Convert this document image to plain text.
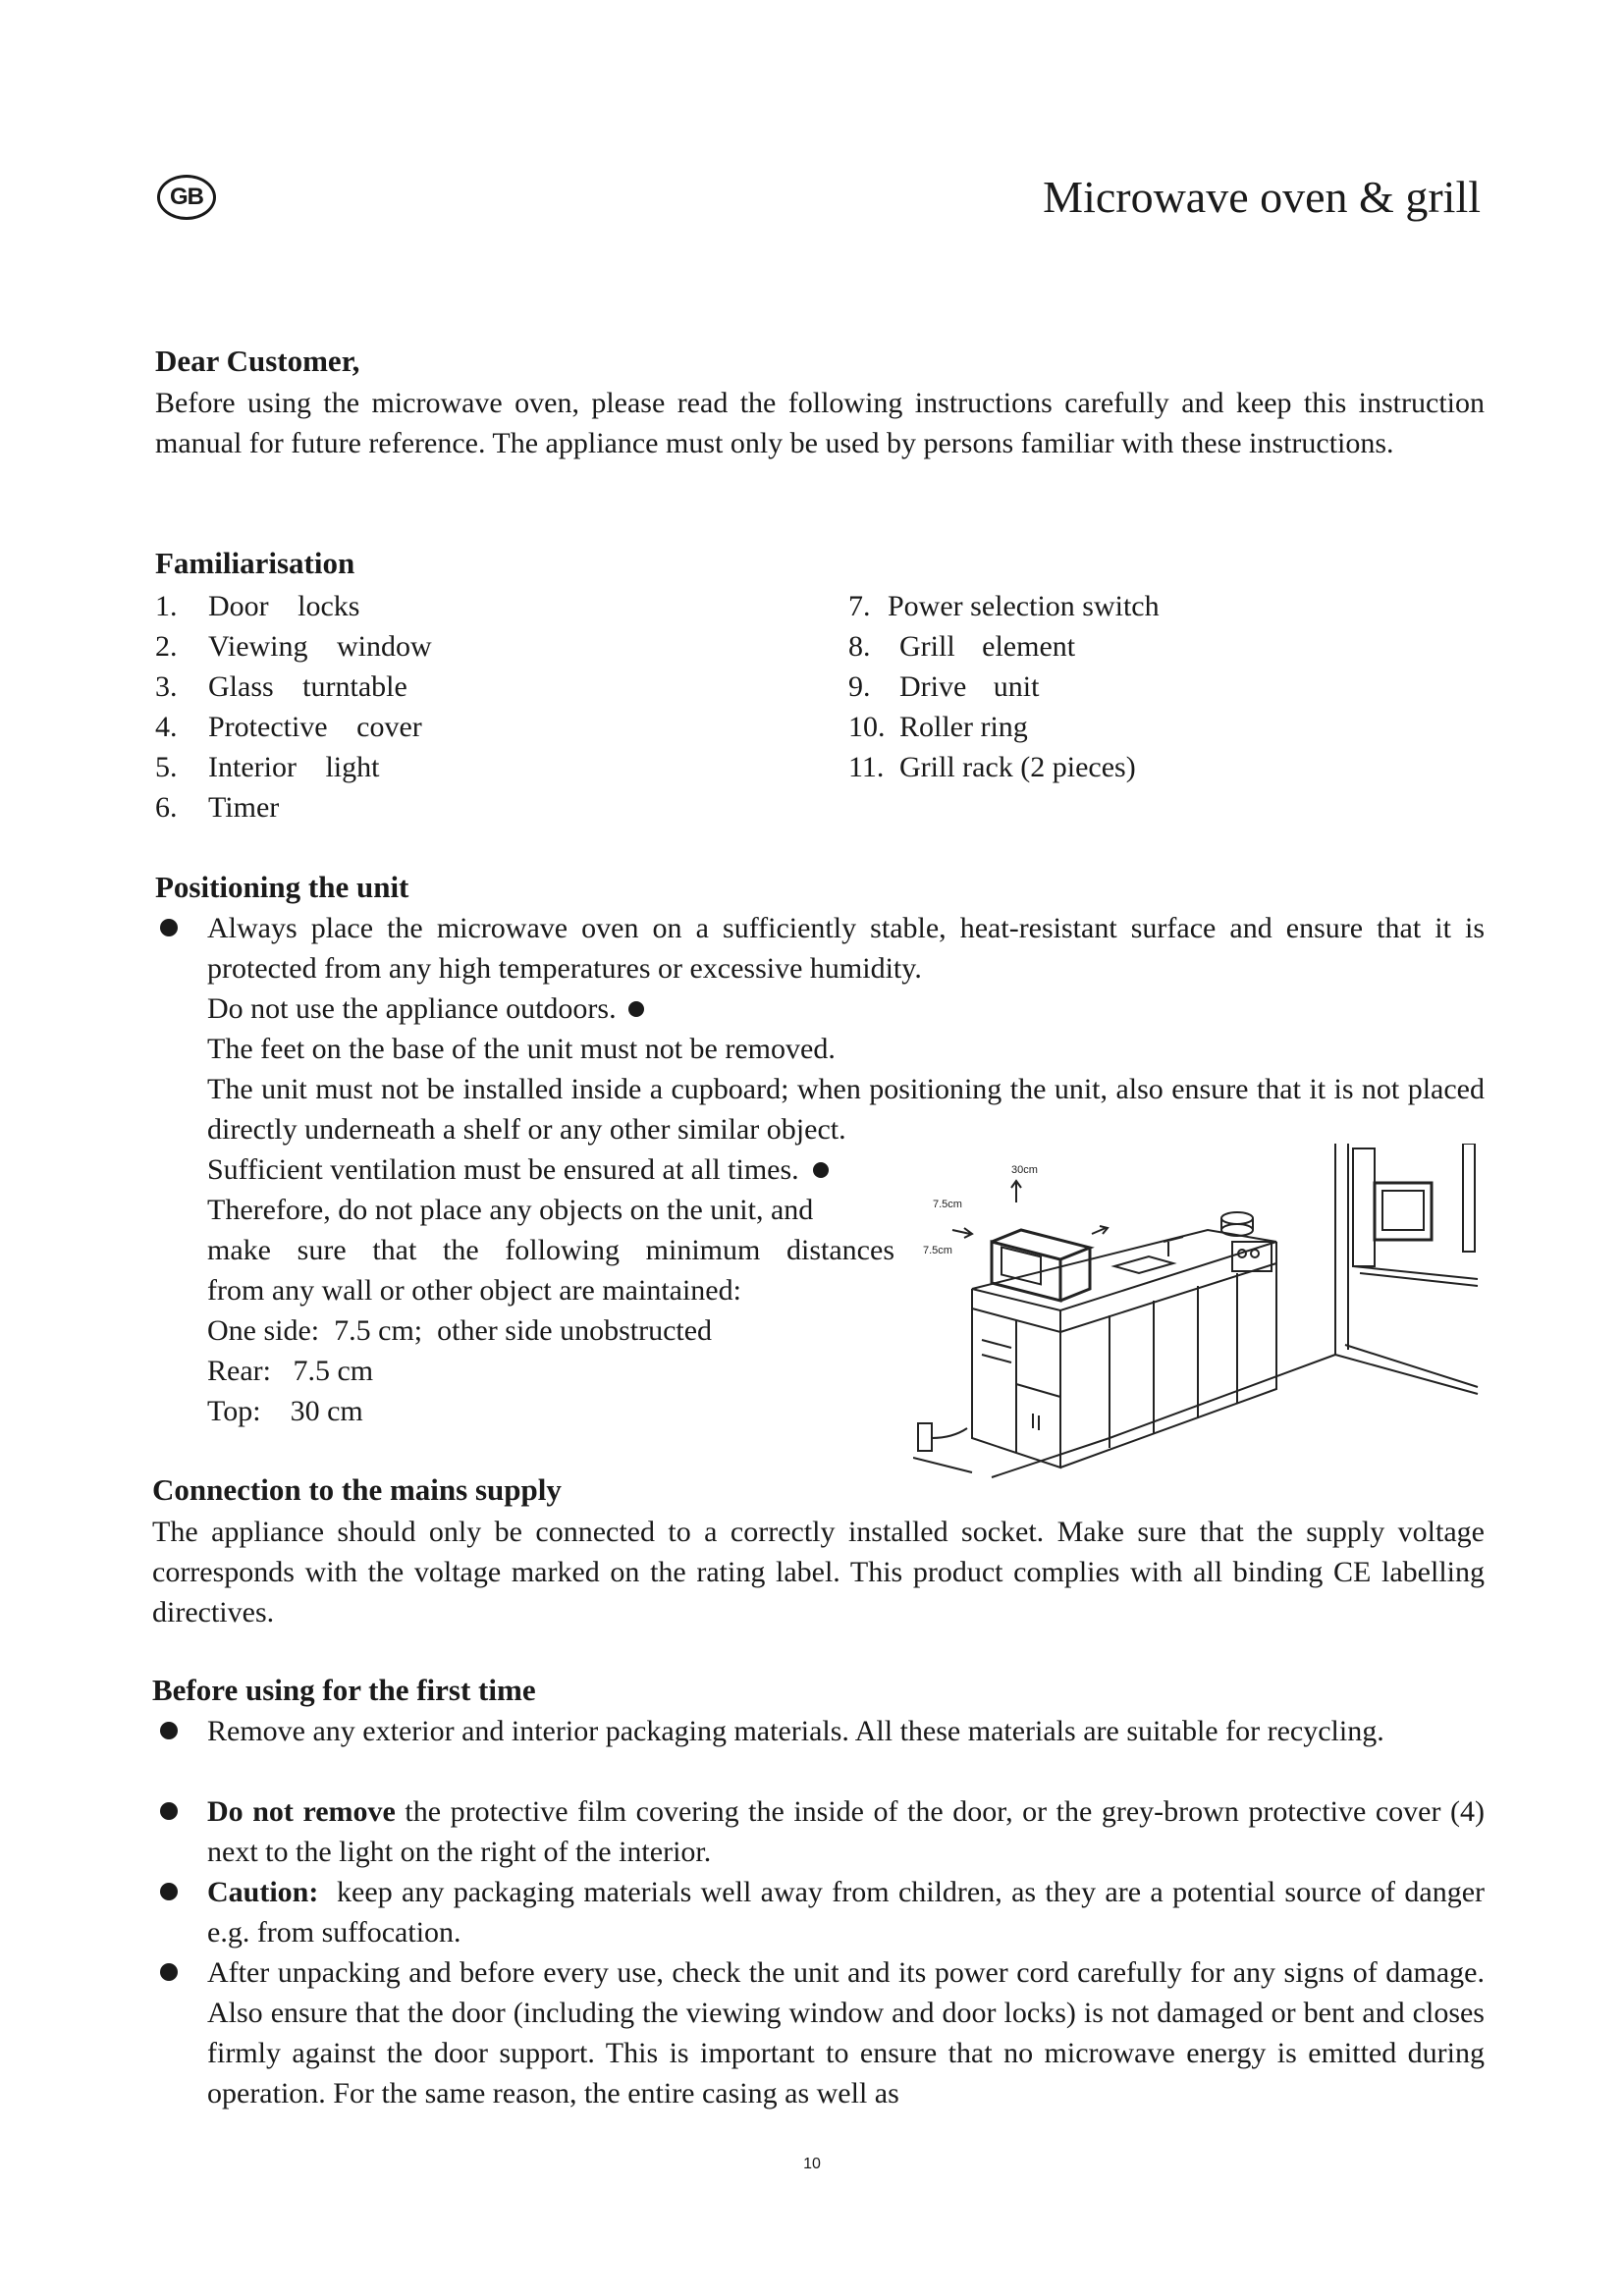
GB	Microwave oven & grill
Dear Customer,
Before using the microwave oven, please read the following instructions carefully and keep this instruction manual for future reference. The appliance must only be used by persons familiar with these instructions.
Familiarisation
1. Door locks
2. Viewing window
3. Glass turntable
4. Protective cover
5. Interior light
6. Timer
7. Power selection switch
8. Grill element
9. Drive unit
10. Roller ring
11. Grill rack (2 pieces)
Positioning the unit
Always place the microwave oven on a sufficiently stable, heat-resistant surface and ensure that it is protected from any high temperatures or excessive humidity.
Do not use the appliance outdoors.
The feet on the base of the unit must not be removed.
The unit must not be installed inside a cupboard; when positioning the unit, also ensure that it is not placed directly underneath a shelf or any other similar object.
Sufficient ventilation must be ensured at all times.
Therefore, do not place any objects on the unit, and
make sure that the following minimum distances
from any wall or other object are maintained:
One side:  7.5 cm;  other side unobstructed
Rear:   7.5 cm
Top:    30 cm
30cm
7.5cm
7.5cm
Connection to the mains supply
The appliance should only be connected to a correctly installed socket. Make sure that the supply voltage corresponds with the voltage marked on the rating label. This product complies with all binding CE labelling directives.
Before using for the first time
Remove any exterior and interior packaging materials. All these materials are suitable for recycling.
Do not remove the protective film covering the inside of the door, or the grey-brown protective cover (4) next to the light on the right of the interior.
Caution:  keep any packaging materials well away from children, as they are a potential source of danger e.g. from suffocation.
After unpacking and before every use, check the unit and its power cord carefully for any signs of damage. Also ensure that the door (including the viewing window and door locks) is not damaged or bent and closes firmly against the door support. This is important to ensure that no microwave energy is emitted during operation. For the same reason, the entire casing as well as
10
